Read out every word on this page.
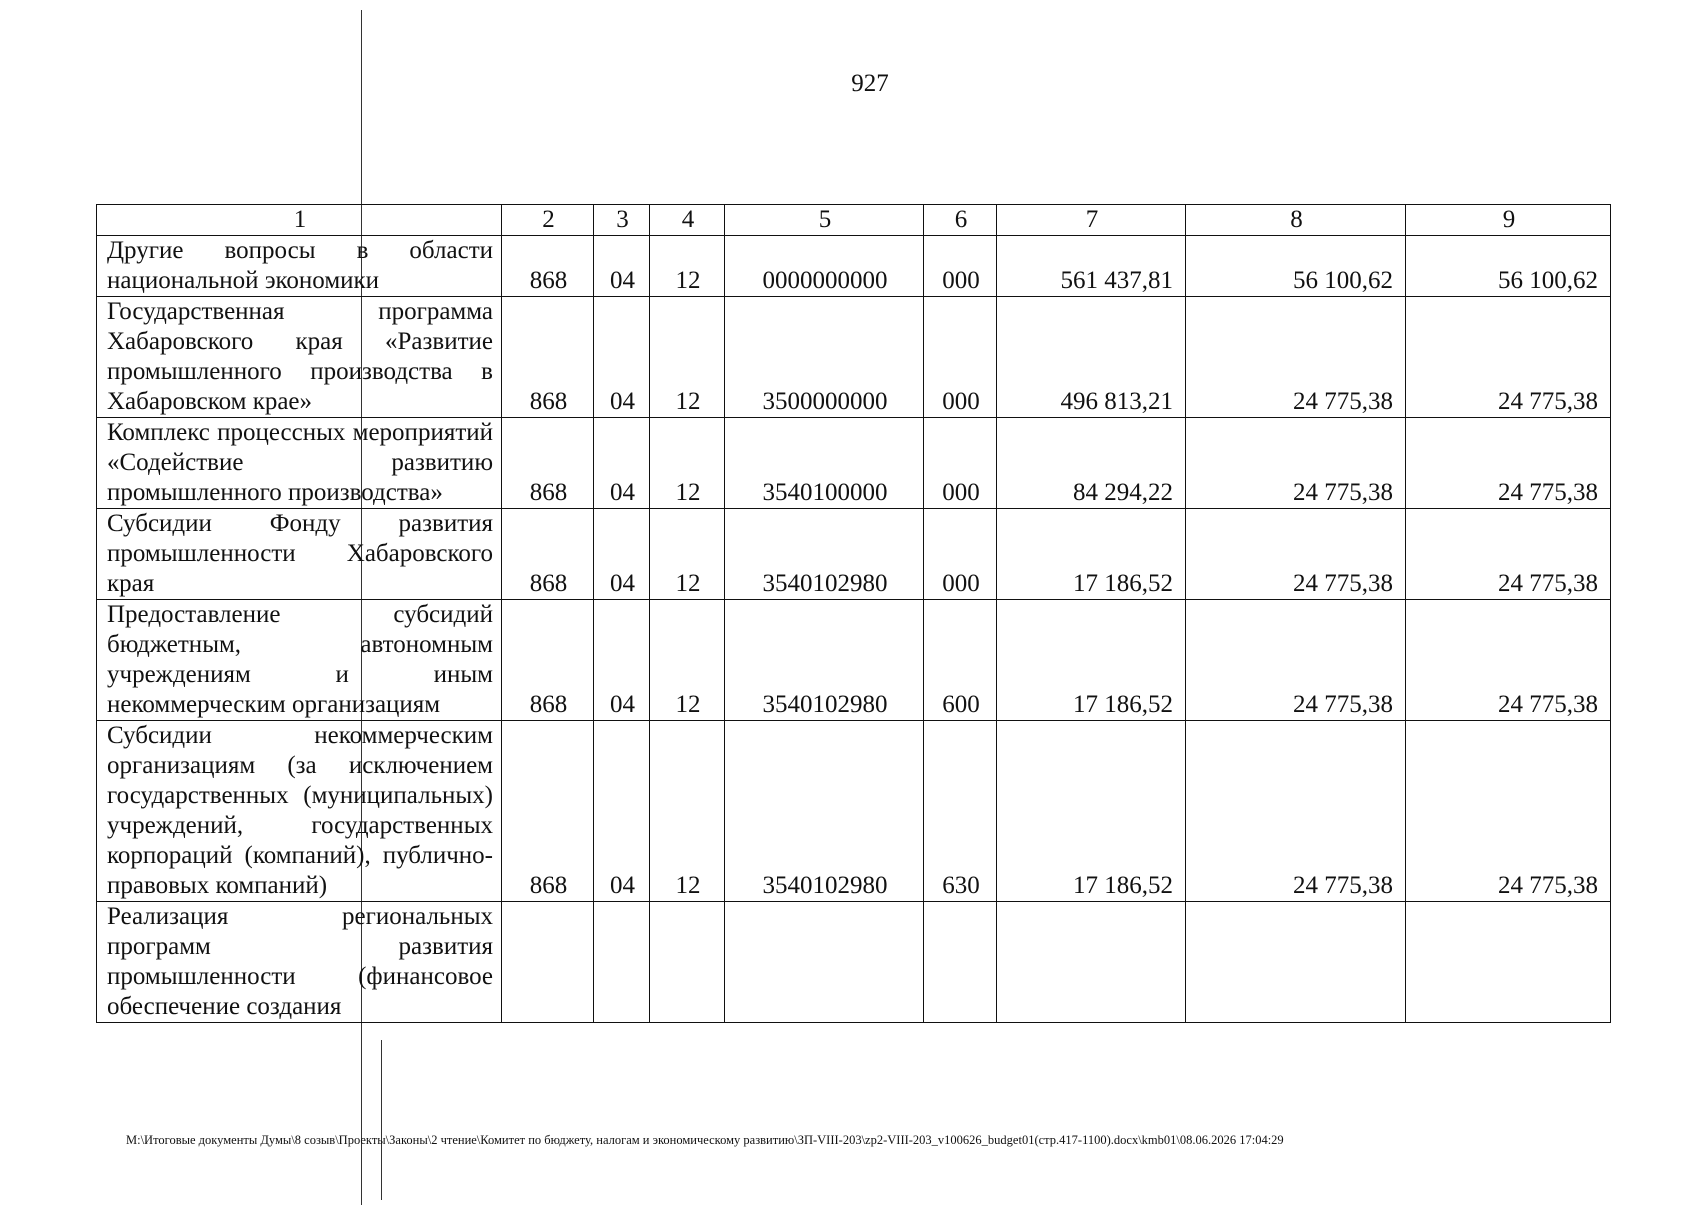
927
1	2	3	4	5	6	7	8	9
Другие вопросы в области национальной экономики	868	04	12	0000000000	000	561 437,81	56 100,62	56 100,62
Государственная программа Хабаровского края «Развитие промышленного производства в Хабаровском крае»	868	04	12	3500000000	000	496 813,21	24 775,38	24 775,38
Комплекс процессных мероприятий «Содействие развитию промышленного производства»	868	04	12	3540100000	000	84 294,22	24 775,38	24 775,38
Субсидии Фонду развития промышленности Хабаровского края	868	04	12	3540102980	000	17 186,52	24 775,38	24 775,38
Предоставление субсидий бюджетным, автономным учреждениям и иным некоммерческим организациям	868	04	12	3540102980	600	17 186,52	24 775,38	24 775,38
Субсидии некоммерческим организациям (за исключением государственных (муниципальных) учреждений, государственных корпораций (компаний), публично-правовых компаний)	868	04	12	3540102980	630	17 186,52	24 775,38	24 775,38
Реализация региональных программ развития промышленности (финансовое обеспечение создания								
M:\Итоговые документы Думы\8 созыв\Проекты\Законы\2 чтение\Комитет по бюджету, налогам и экономическому развитию\ЗП-VIII-203\zp2-VIII-203_v100626_budget01(стр.417-1100).docx\kmb01\08.06.2026 17:04:29
